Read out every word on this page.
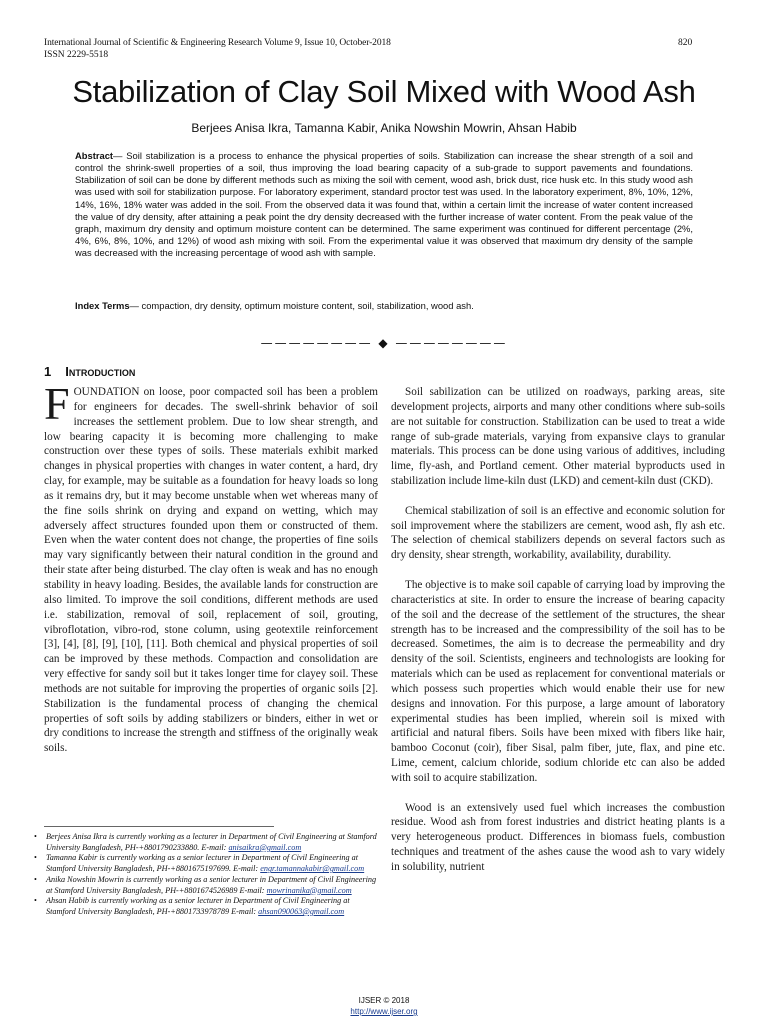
International Journal of Scientific & Engineering Research Volume 9, Issue 10, October-2018
ISSN 2229-5518
820
Stabilization of Clay Soil Mixed with Wood Ash
Berjees Anisa Ikra, Tamanna Kabir, Anika Nowshin Mowrin, Ahsan Habib
Abstract— Soil stabilization is a process to enhance the physical properties of soils. Stabilization can increase the shear strength of a soil and control the shrink-swell properties of a soil, thus improving the load bearing capacity of a sub-grade to support pavements and foundations. Stabilization of soil can be done by different methods such as mixing the soil with cement, wood ash, brick dust, rice husk etc. In this study wood ash was used with soil for stabilization purpose. For laboratory experiment, standard proctor test was used. In the laboratory experiment, 8%, 10%, 12%, 14%, 16%, 18% water was added in the soil. From the observed data it was found that, within a certain limit the increase of water content increased the value of dry density, after attaining a peak point the dry density decreased with the further increase of water content. From the peak value of the graph, maximum dry density and optimum moisture content can be determined. The same experiment was continued for different percentage (2%, 4%, 6%, 8%, 10%, and 12%) of wood ash mixing with soil. From the experimental value it was observed that maximum dry density of the sample was decreased with the increasing percentage of wood ash with sample.
Index Terms— compaction, dry density, optimum moisture content, soil, stabilization, wood ash.
———————— ◆ ————————
1 Introduction

FOUNDATION on loose, poor compacted soil has been a problem for engineers for decades. The swell-shrink behavior of soil increases the settlement problem. Due to low shear strength, and low bearing capacity it is becoming more challenging to make construction over these types of soils. These materials exhibit marked changes in physical properties with changes in water content, a hard, dry clay, for example, may be suitable as a foundation for heavy loads so long as it remains dry, but it may become unstable when wet whereas many of the fine soils shrink on drying and expand on wetting, which may adversely affect structures founded upon them or constructed of them. Even when the water content does not change, the properties of fine soils may vary significantly between their natural condition in the ground and their state after being disturbed. The clay often is weak and has no enough stability in heavy loading. Besides, the available lands for construction are also limited. To improve the soil conditions, different methods are used i.e. stabilization, removal of soil, replacement of soil, grouting, vibroflotation, vibro-rod, stone column, using geotextile reinforcement [3], [4], [8], [9], [10], [11]. Both chemical and physical properties of soil can be improved by these methods. Compaction and consolidation are very effective for sandy soil but it takes longer time for clayey soil. These methods are not suitable for improving the properties of organic soils [2]. Stabilization is the fundamental process of changing the chemical properties of soft soils by adding stabilizers or binders, either in wet or dry conditions to increase the strength and stiffness of the originally weak soils.

Soil sabilization can be utilized on roadways, parking areas, site development projects, airports and many other conditions where sub-soils are not suitable for construction. Stabilization can be used to treat a wide range of sub-grade materials, varying from expansive clays to granular materials. This process can be done using various of additives, including lime, fly-ash, and Portland cement. Other material byproducts used in stabilization include lime-kiln dust (LKD) and cement-kiln dust (CKD).

Chemical stabilization of soil is an effective and economic solution for soil improvement where the stabilizers are cement, wood ash, fly ash etc. The selection of chemical stabilizers depends on several factors such as dry density, shear strength, workability, availability, durability.

The objective is to make soil capable of carrying load by improving the characteristics at site. In order to ensure the increase of bearing capacity of the soil and the decrease of the settlement of the structures, the shear strength has to be increased and the compressibility of the soil has to be decreased. Sometimes, the aim is to decrease the permeability and dry density of the soil. Scientists, engineers and technologists are looking for materials which can be used as replacement for conventional materials or which possess such properties which would enable their use for new designs and innovation. For this purpose, a large amount of laboratory experimental studies has been implied, wherein soil is mixed with artificial and natural fibers. Soils have been mixed with fibers like hair, bamboo Coconut (coir), fiber Sisal, palm fiber, jute, flax, and pine etc. Lime, cement, calcium chloride, sodium chloride etc can also be added with soil to acquire stabilization.

Wood is an extensively used fuel which increases the combustion residue. Wood ash from forest industries and district heating plants is a very heterogeneous product. Differences in biomass fuels, combustion techniques and treatment of the ashes cause the wood ash to vary widely in solubility, nutrient

• Berjees Anisa Ikra is currently working as a lecturer in Department of Civil Engineering at Stamford University Bangladesh, PH-+8801790233880. E-mail: anisaikra@gmail.com
• Tamanna Kabir is currently working as a senior lecturer in Department of Civil Engineering at Stamford University Bangladesh, PH-+8801675197699. E-mail: engr.tamannakabir@gmail.com
• Anika Nowshin Mowrin is currently working as a senior lecturer in Department of Civil Engineering at Stamford University Bangladesh, PH-+8801674526989 E-mail: mowrinanika@gmail.com
• Ahsan Habib is currently working as a senior lecturer in Department of Civil Engineering at Stamford University Bangladesh, PH-+8801733978789 E-mail: ahsan090063@gmail.com
IJSER © 2018
http://www.ijser.org
